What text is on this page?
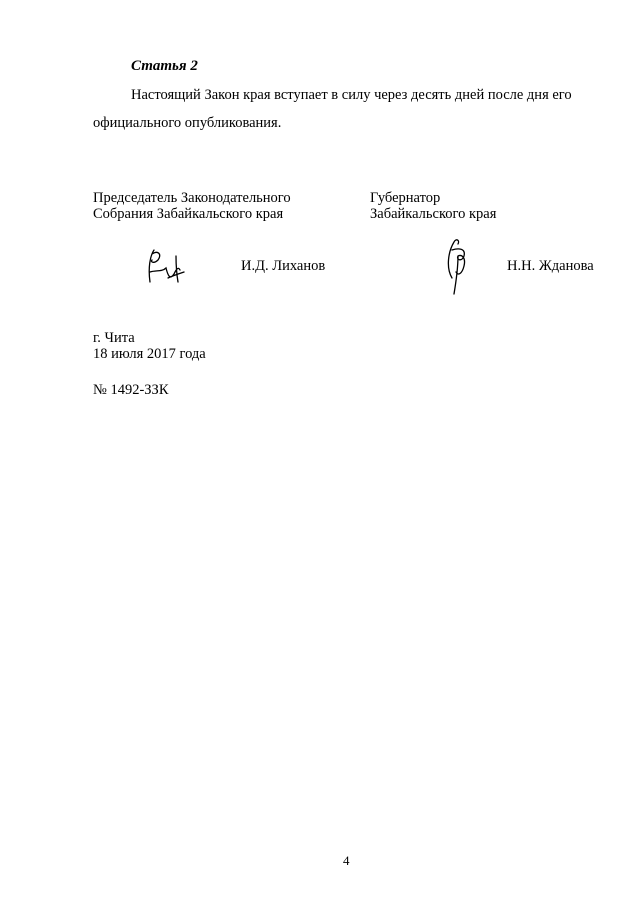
Статья 2
Настоящий Закон края вступает в силу через десять дней после дня его
официального опубликования.
Председатель Законодательного
Собрания Забайкальского края
Губернатор
Забайкальского края
И.Д. Лиханов	Н.Н. Жданова
г. Чита
18 июля 2017 года
№ 1492-ЗЗК
4
